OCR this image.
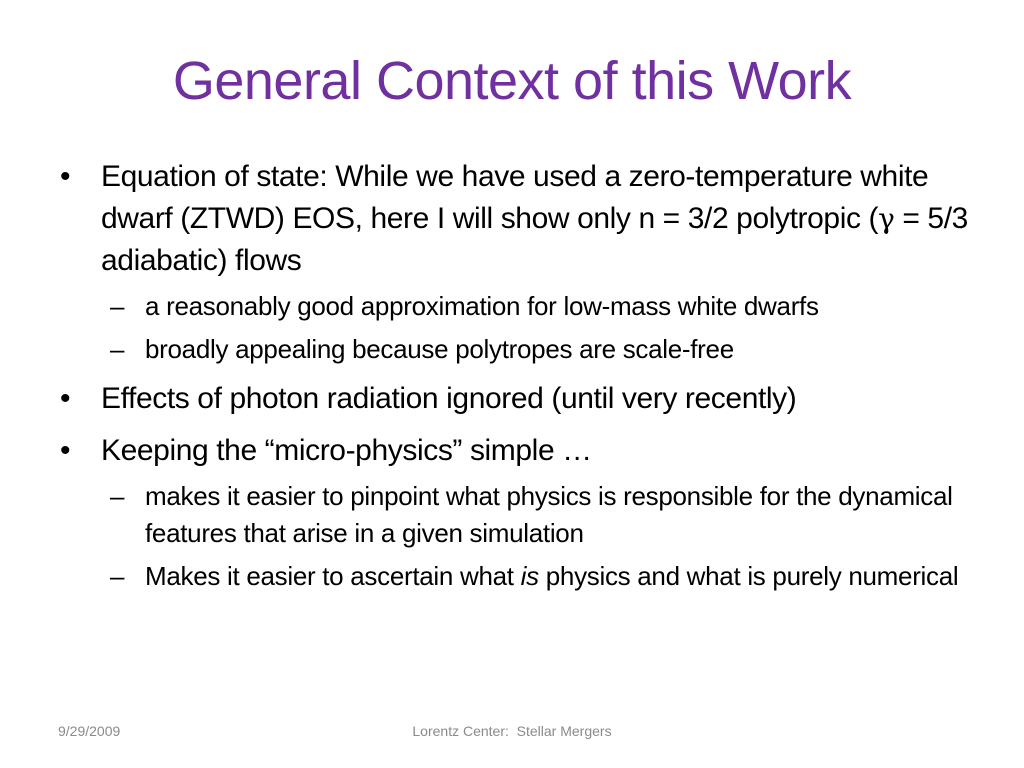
General Context of this Work
• Equation of state: While we have used a zero-temperature white dwarf (ZTWD) EOS, here I will show only n = 3/2 polytropic (γ = 5/3 adiabatic) flows
– a reasonably good approximation for low-mass white dwarfs
– broadly appealing because polytropes are scale-free
• Effects of photon radiation ignored (until very recently)
• Keeping the “micro-physics” simple …
– makes it easier to pinpoint what physics is responsible for the dynamical features that arise in a given simulation
– Makes it easier to ascertain what is physics and what is purely numerical
9/29/2009	Lorentz Center:  Stellar Mergers
